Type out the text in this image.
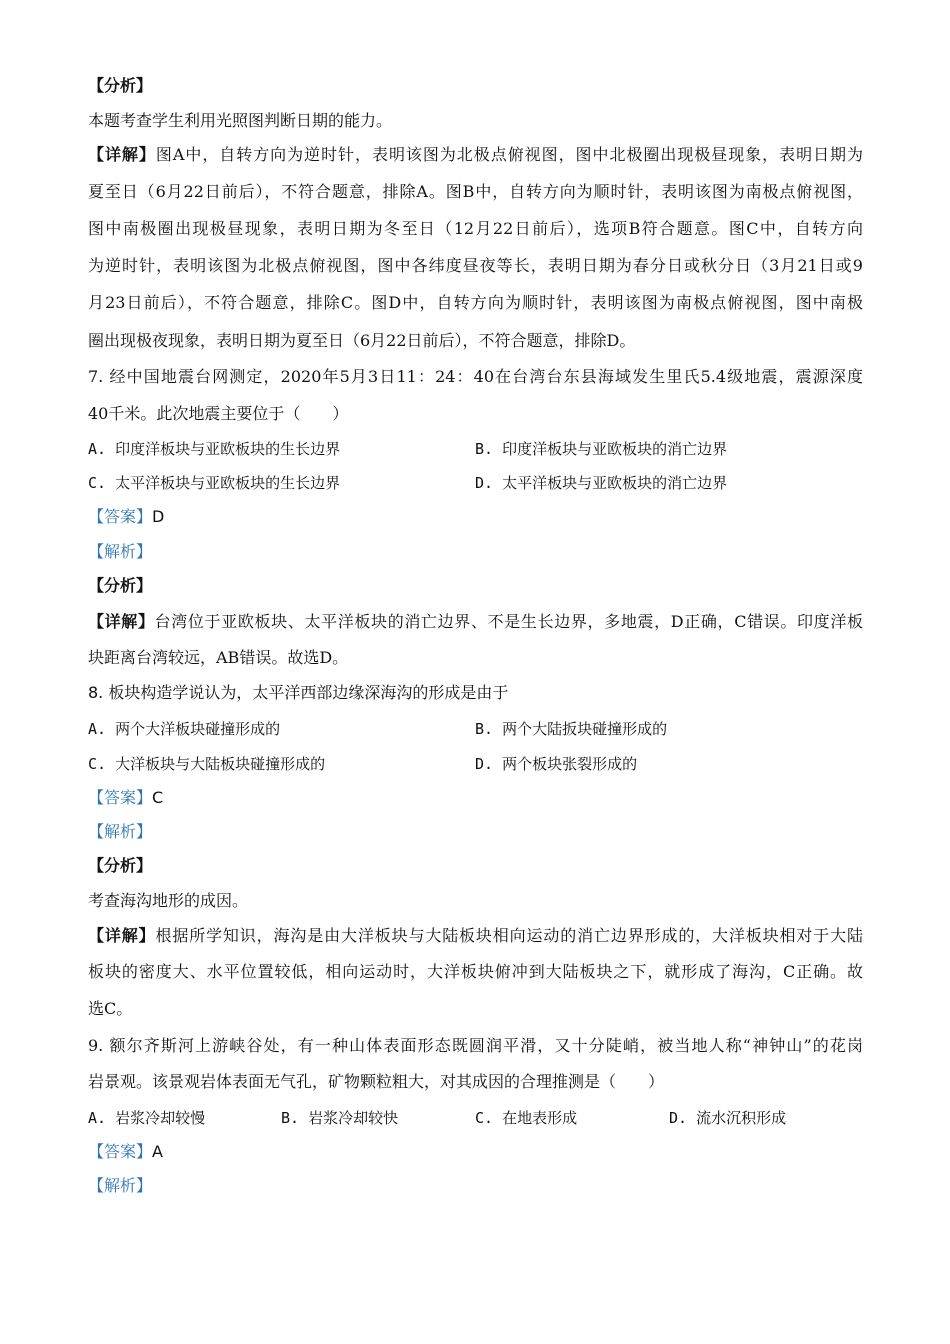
【分析】
本题考查学生利用光照图判断日期的能力。
【详解】图A中，自转方向为逆时针，表明该图为北极点俯视图，图中北极圈出现极昼现象，表明日期为
夏至日（6月22日前后），不符合题意，排除A。图B中，自转方向为顺时针，表明该图为南极点俯视图，
图中南极圈出现极昼现象，表明日期为冬至日（12月22日前后），选项B符合题意。图C中，自转方向
为逆时针，表明该图为北极点俯视图，图中各纬度昼夜等长，表明日期为春分日或秋分日（3月21日或9
月23日前后），不符合题意，排除C。图D中，自转方向为顺时针，表明该图为南极点俯视图，图中南极
圈出现极夜现象，表明日期为夏至日（6月22日前后），不符合题意，排除D。
7. 经中国地震台网测定，2020年5月3日11：24：40在台湾台东县海域发生里氏5.4级地震，震源深度
40千米。此次地震主要位于（　　）
A. 印度洋板块与亚欧板块的生长边界	B. 印度洋板块与亚欧板块的消亡边界
C. 太平洋板块与亚欧板块的生长边界	D. 太平洋板块与亚欧板块的消亡边界
【答案】D
【解析】
【分析】
【详解】台湾位于亚欧板块、太平洋板块的消亡边界、不是生长边界，多地震，D正确，C错误。印度洋板
块距离台湾较远，AB错误。故选D。
8. 板块构造学说认为，太平洋西部边缘深海沟的形成是由于
A. 两个大洋板块碰撞形成的	B. 两个大陆扳块碰撞形成的
C. 大洋板块与大陆板块碰撞形成的	D. 两个板块张裂形成的
【答案】C
【解析】
【分析】
考查海沟地形的成因。
【详解】根据所学知识，海沟是由大洋板块与大陆板块相向运动的消亡边界形成的，大洋板块相对于大陆
板块的密度大、水平位置较低，相向运动时，大洋板块俯冲到大陆板块之下，就形成了海沟，C正确。故
选C。
9. 额尔齐斯河上游峡谷处，有一种山体表面形态既圆润平滑，又十分陡峭，被当地人称“神钟山”的花岗
岩景观。该景观岩体表面无气孔，矿物颗粒粗大，对其成因的合理推测是（　　）
A. 岩浆冷却较慢	B. 岩浆冷却较快	C. 在地表形成	D. 流水沉积形成
【答案】A
【解析】
